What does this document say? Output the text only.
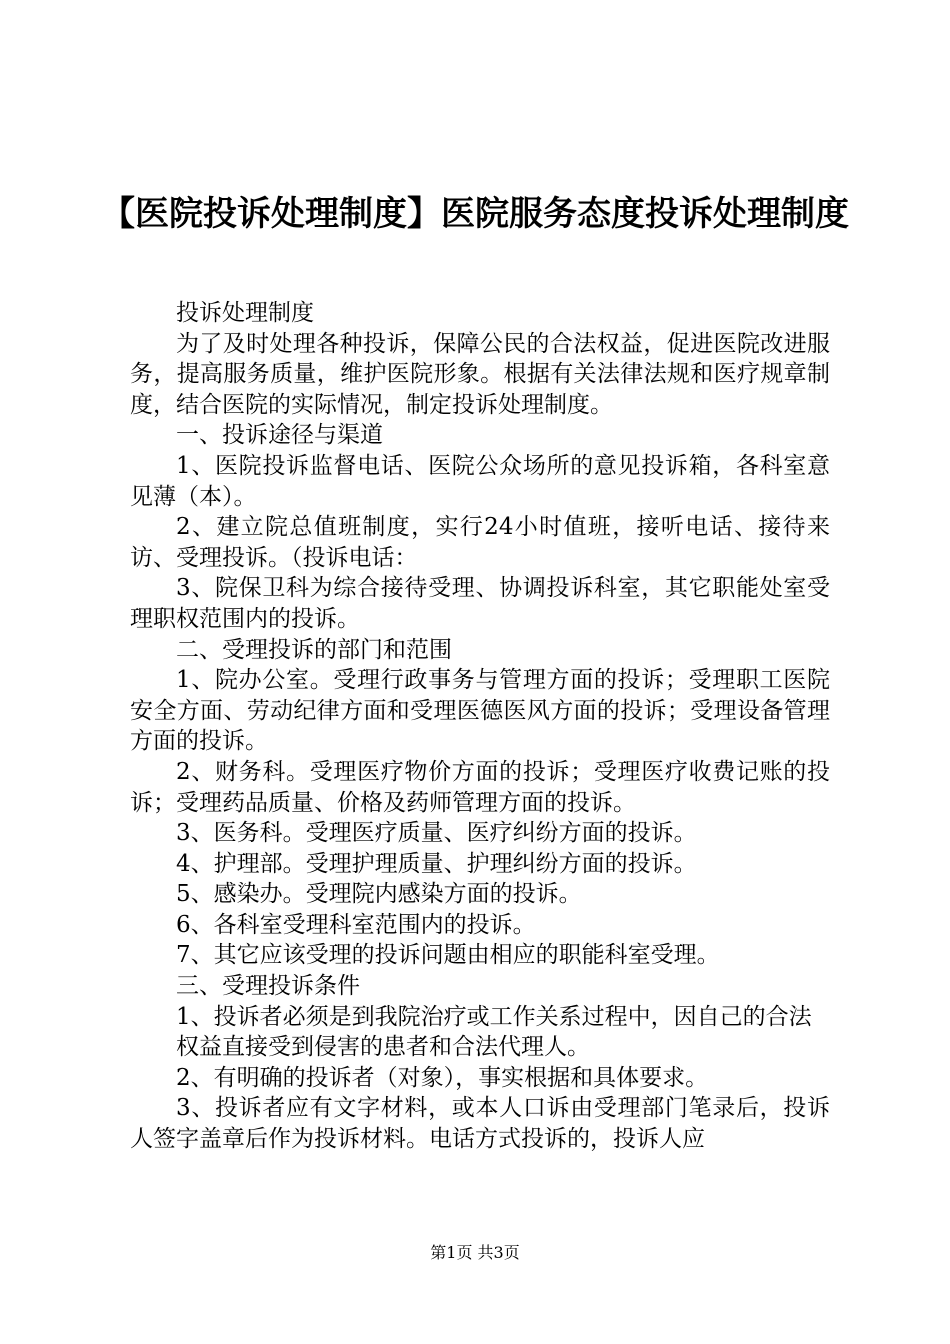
【医院投诉处理制度】医院服务态度投诉处理制度

投诉处理制度

为了及时处理各种投诉，保障公民的合法权益，促进医院改进服务，提高服务质量，维护医院形象。根据有关法律法规和医疗规章制度，结合医院的实际情况，制定投诉处理制度。

一、投诉途径与渠道

1、医院投诉监督电话、医院公众场所的意见投诉箱，各科室意见薄（本）。

2、建立院总值班制度，实行24小时值班，接听电话、接待来访、受理投诉。（投诉电话：

3、院保卫科为综合接待受理、协调投诉科室，其它职能处室受理职权范围内的投诉。

二、受理投诉的部门和范围

1、院办公室。受理行政事务与管理方面的投诉；受理职工医院安全方面、劳动纪律方面和受理医德医风方面的投诉；受理设备管理方面的投诉。

2、财务科。受理医疗物价方面的投诉；受理医疗收费记账的投诉；受理药品质量、价格及药师管理方面的投诉。

3、医务科。受理医疗质量、医疗纠纷方面的投诉。

4、护理部。受理护理质量、护理纠纷方面的投诉。

5、感染办。受理院内感染方面的投诉。

6、各科室受理科室范围内的投诉。

7、其它应该受理的投诉问题由相应的职能科室受理。

三、受理投诉条件

1、投诉者必须是到我院治疗或工作关系过程中，因自己的合法

权益直接受到侵害的患者和合法代理人。

2、有明确的投诉者（对象），事实根据和具体要求。

3、投诉者应有文字材料，或本人口诉由受理部门笔录后，投诉人签字盖章后作为投诉材料。电话方式投诉的，投诉人应

第1页 共3页
